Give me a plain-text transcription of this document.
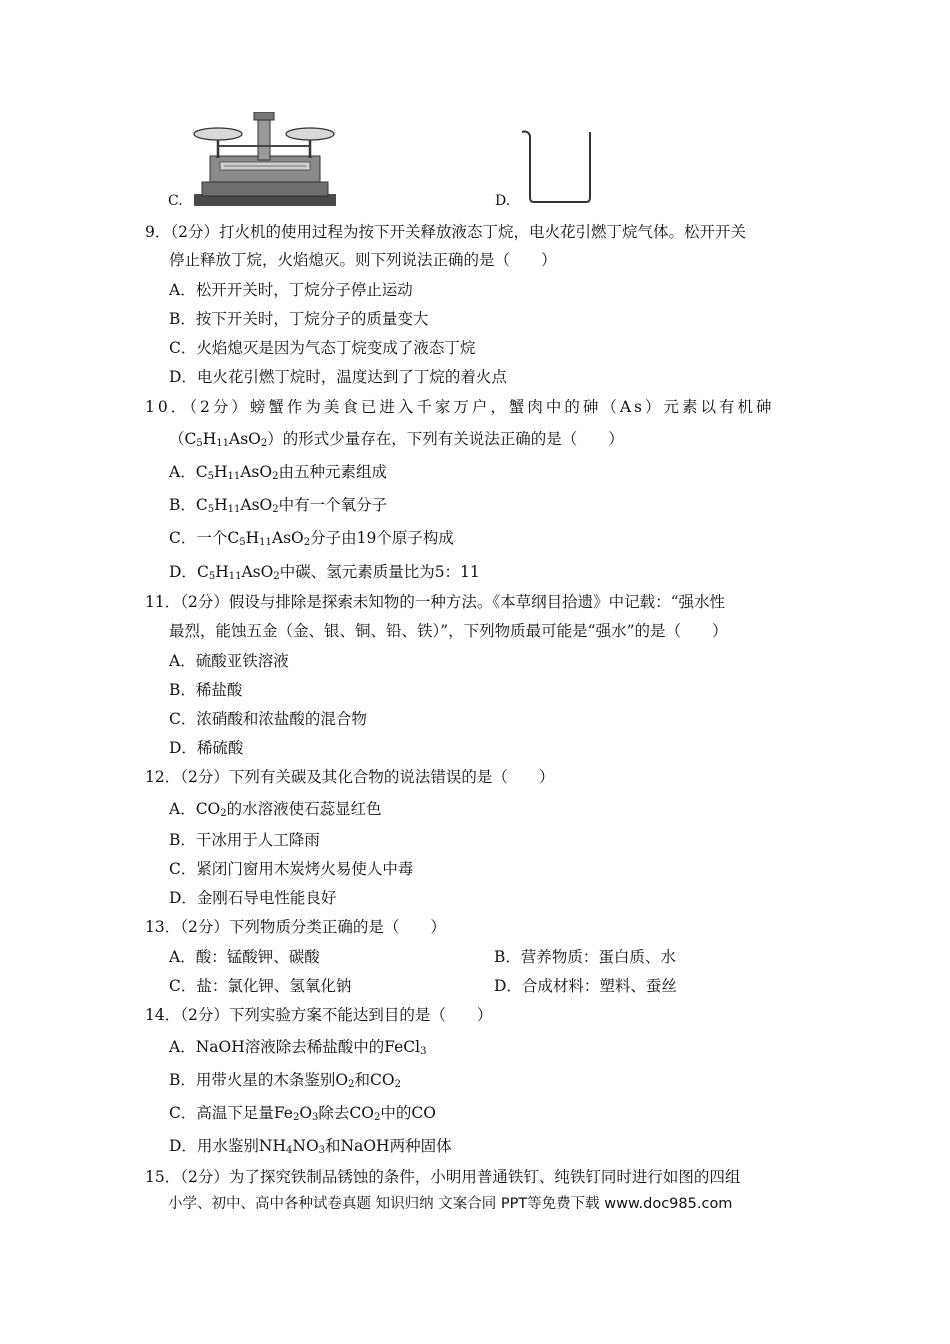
C.	D.
9．（2分）打火机的使用过程为按下开关释放液态丁烷，电火花引燃丁烷气体。松开开关
停止释放丁烷，火焰熄灭。则下列说法正确的是（　　）
A．松开开关时，丁烷分子停止运动
B．按下开关时，丁烷分子的质量变大
C．火焰熄灭是因为气态丁烷变成了液态丁烷
D．电火花引燃丁烷时，温度达到了丁烷的着火点
10．（2分）螃蟹作为美食已进入千家万户，蟹肉中的砷（As）元素以有机砷
$(C_5H_{11}AsO_2)$的形式少量存在，下列有关说法正确的是（　　）
A．$C_5H_{11}AsO_2$由五种元素组成
B．$C_5H_{11}AsO_2$中有一个氧分子
C．一个$C_5H_{11}AsO_2$分子由19个原子构成
D．$C_5H_{11}AsO_2$中碳、氢元素质量比为5：11
11．（2分）假设与排除是探索未知物的一种方法。《本草纲目拾遗》中记载：“强水性
最烈，能蚀五金（金、银、铜、铅、铁）”，下列物质最可能是“强水”的是（　　）
A．硫酸亚铁溶液
B．稀盐酸
C．浓硝酸和浓盐酸的混合物
D．稀硫酸
12．（2分）下列有关碳及其化合物的说法错误的是（　　）
A．$CO_2$的水溶液使石蕊显红色
B．干冰用于人工降雨
C．紧闭门窗用木炭烤火易使人中毒
D．金刚石导电性能良好
13．（2分）下列物质分类正确的是（　　）
A．酸：锰酸钾、碳酸	B．营养物质：蛋白质、水
C．盐：氯化钾、氢氧化钠	D．合成材料：塑料、蚕丝
14．（2分）下列实验方案不能达到目的是（　　）
A．NaOH溶液除去稀盐酸中的FeCl$_3$
B．用带火星的木条鉴别$O_2$和$CO_2$
C．高温下足量$Fe_2O_3$除去$CO_2$中的CO
D．用水鉴别$NH_4NO_3$和NaOH两种固体
15．（2分）为了探究铁制品锈蚀的条件，小明用普通铁钉、纯铁钉同时进行如图的四组
小学、初中、高中各种试卷真题 知识归纳 文案合同 PPT等免费下载 www.doc985.com
